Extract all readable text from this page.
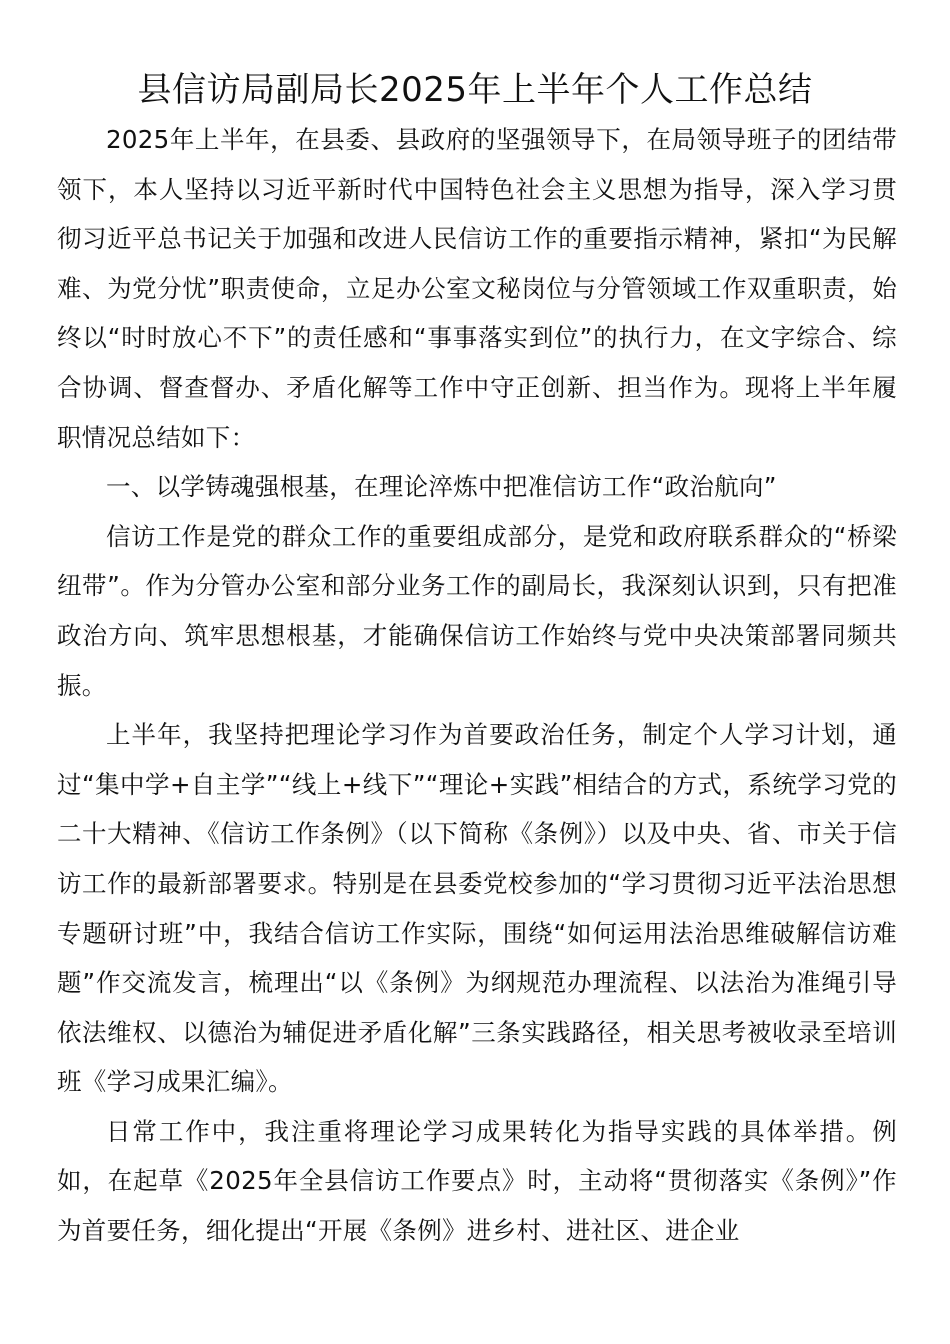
县信访局副局长2025年上半年个人工作总结

2025年上半年，在县委、县政府的坚强领导下，在局领导班子的团结带领下，本人坚持以习近平新时代中国特色社会主义思想为指导，深入学习贯彻习近平总书记关于加强和改进人民信访工作的重要指示精神，紧扣“为民解难、为党分忧”职责使命，立足办公室文秘岗位与分管领域工作双重职责，始终以“时时放心不下”的责任感和“事事落实到位”的执行力，在文字综合、综合协调、督查督办、矛盾化解等工作中守正创新、担当作为。现将上半年履职情况总结如下：

一、以学铸魂强根基，在理论淬炼中把准信访工作“政治航向”

信访工作是党的群众工作的重要组成部分，是党和政府联系群众的“桥梁纽带”。作为分管办公室和部分业务工作的副局长，我深刻认识到，只有把准政治方向、筑牢思想根基，才能确保信访工作始终与党中央决策部署同频共振。

上半年，我坚持把理论学习作为首要政治任务，制定个人学习计划，通过“集中学+自主学”“线上+线下”“理论+实践”相结合的方式，系统学习党的二十大精神、《信访工作条例》（以下简称《条例》）以及中央、省、市关于信访工作的最新部署要求。特别是在县委党校参加的“学习贯彻习近平法治思想专题研讨班”中，我结合信访工作实际，围绕“如何运用法治思维破解信访难题”作交流发言，梳理出“以《条例》为纲规范办理流程、以法治为准绳引导依法维权、以德治为辅促进矛盾化解”三条实践路径，相关思考被收录至培训班《学习成果汇编》。

日常工作中，我注重将理论学习成果转化为指导实践的具体举措。例如，在起草《2025年全县信访工作要点》时，主动将“贯彻落实《条例》”作为首要任务，细化提出“开展《条例》进乡村、进社区、进企业
